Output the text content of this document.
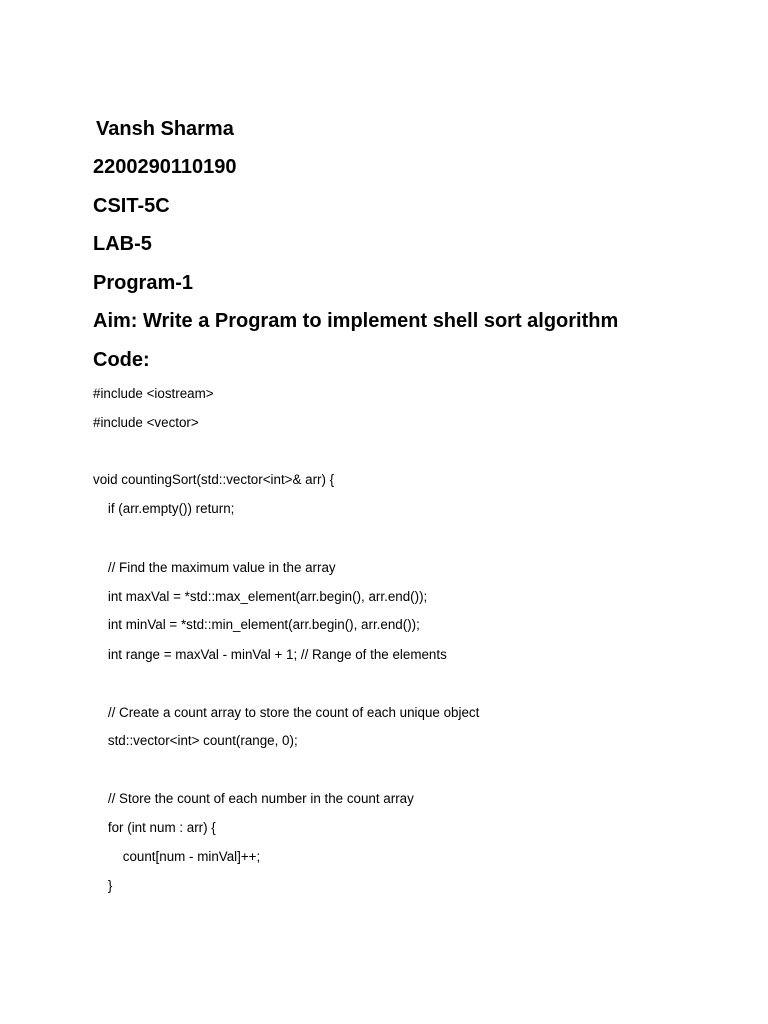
Vansh Sharma
2200290110190
CSIT-5C
LAB-5
Program-1
Aim: Write a Program to implement shell sort algorithm
Code:
#include <iostream>
#include <vector>
void countingSort(std::vector<int>& arr) {
if (arr.empty()) return;
// Find the maximum value in the array
int maxVal = *std::max_element(arr.begin(), arr.end());
int minVal = *std::min_element(arr.begin(), arr.end());
int range = maxVal - minVal + 1; // Range of the elements
// Create a count array to store the count of each unique object
std::vector<int> count(range, 0);
// Store the count of each number in the count array
for (int num : arr) {
count[num - minVal]++;
}
